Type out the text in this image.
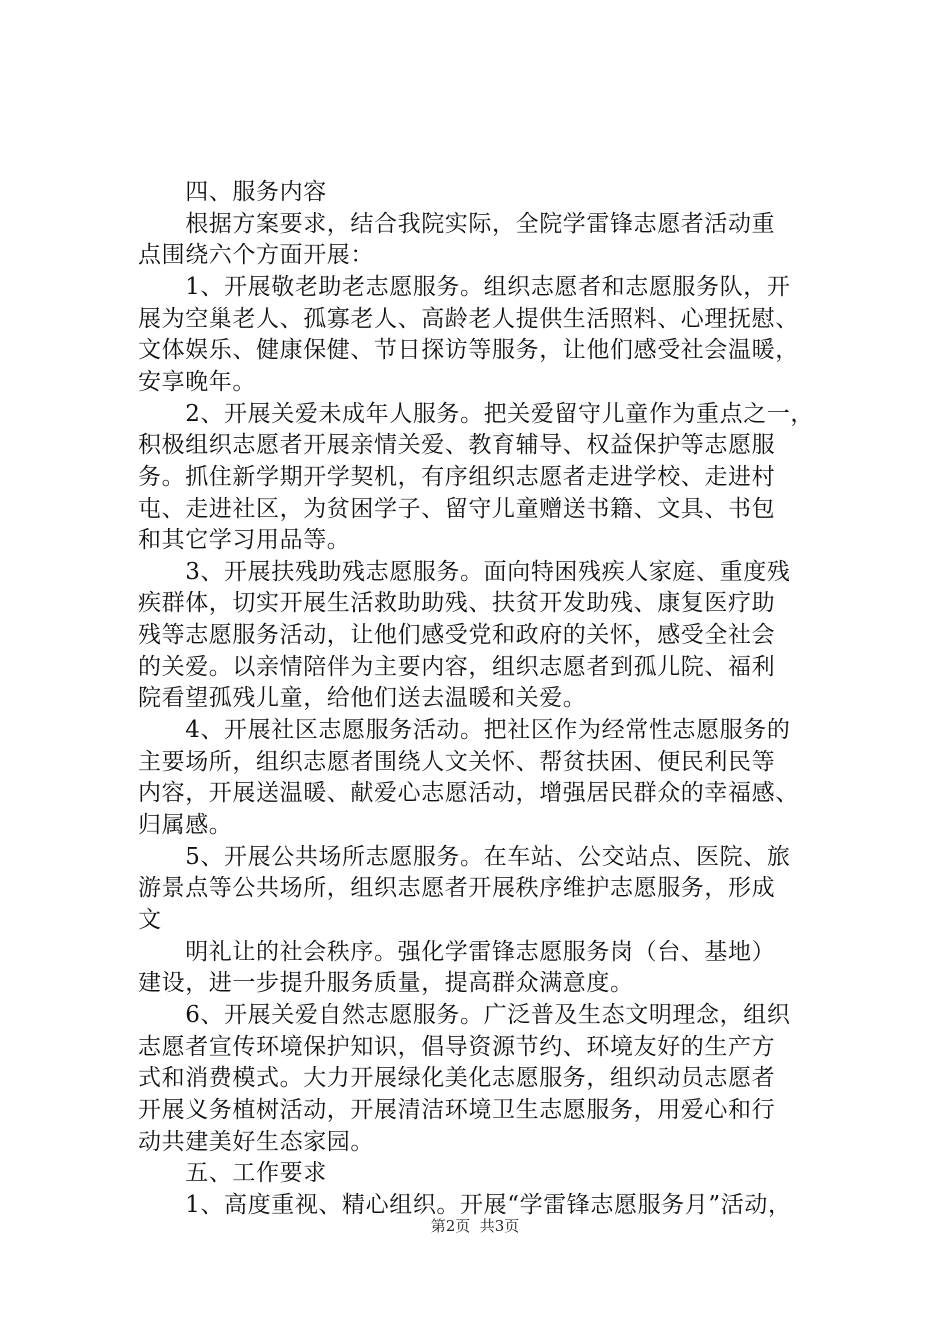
　　四、服务内容
　　根据方案要求，结合我院实际，全院学雷锋志愿者活动重
点围绕六个方面开展：
　　1、开展敬老助老志愿服务。组织志愿者和志愿服务队，开
展为空巢老人、孤寡老人、高龄老人提供生活照料、心理抚慰、
文体娱乐、健康保健、节日探访等服务，让他们感受社会温暖，
安享晚年。
　　2、开展关爱未成年人服务。把关爱留守儿童作为重点之一，
积极组织志愿者开展亲情关爱、教育辅导、权益保护等志愿服
务。抓住新学期开学契机，有序组织志愿者走进学校、走进村
屯、走进社区，为贫困学子、留守儿童赠送书籍、文具、书包
和其它学习用品等。
　　3、开展扶残助残志愿服务。面向特困残疾人家庭、重度残
疾群体，切实开展生活救助助残、扶贫开发助残、康复医疗助
残等志愿服务活动，让他们感受党和政府的关怀，感受全社会
的关爱。以亲情陪伴为主要内容，组织志愿者到孤儿院、福利
院看望孤残儿童，给他们送去温暖和关爱。
　　4、开展社区志愿服务活动。把社区作为经常性志愿服务的
主要场所，组织志愿者围绕人文关怀、帮贫扶困、便民利民等
内容，开展送温暖、献爱心志愿活动，增强居民群众的幸福感、
归属感。
　　5、开展公共场所志愿服务。在车站、公交站点、医院、旅
游景点等公共场所，组织志愿者开展秩序维护志愿服务，形成
文
　　明礼让的社会秩序。强化学雷锋志愿服务岗（台、基地）
建设，进一步提升服务质量，提高群众满意度。
　　6、开展关爱自然志愿服务。广泛普及生态文明理念，组织
志愿者宣传环境保护知识，倡导资源节约、环境友好的生产方
式和消费模式。大力开展绿化美化志愿服务，组织动员志愿者
开展义务植树活动，开展清洁环境卫生志愿服务，用爱心和行
动共建美好生态家园。
　　五、工作要求
　　1、高度重视、精心组织。开展“学雷锋志愿服务月”活动，
第2页  共3页
